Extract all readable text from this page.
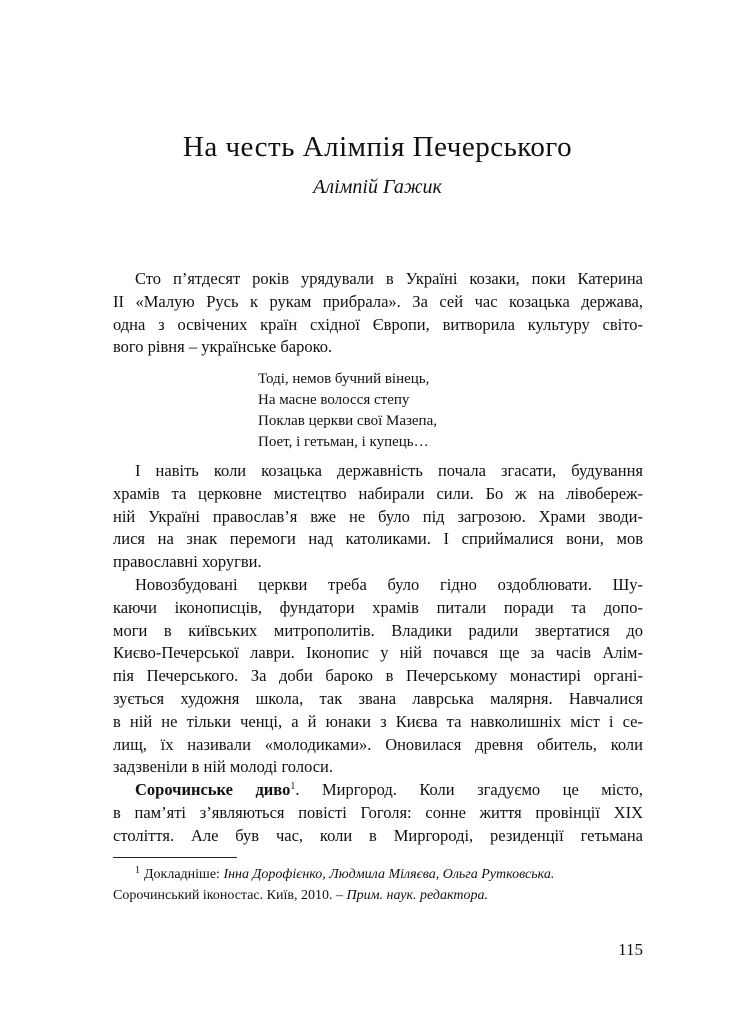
На честь Алімпія Печерського
Алімпій Гажик
Сто п’ятдесят років урядували в Україні козаки, поки Катерина
II «Малую Русь к рукам прибрала». За сей час козацька держава,
одна з освічених країн східної Європи, витворила культуру світо-
вого рівня – українське бароко.
Тоді, немов бучний вінець,
На масне волосся степу
Поклав церкви свої Мазепа,
Поет, і гетьман, і купець…
І навіть коли козацька державність почала згасати, будування
храмів та церковне мистецтво набирали сили. Бо ж на лівобереж-
ній Україні православ’я вже не було під загрозою. Храми зводи-
лися на знак перемоги над католиками. І сприймалися вони, мов
православні хоругви.
Новозбудовані церкви треба було гідно оздоблювати. Шу-
каючи іконописців, фундатори храмів питали поради та допо-
моги в київських митрополитів. Владики радили звертатися до
Києво-Печерської лаври. Іконопис у ній почався ще за часів Алім-
пія Печерського. За доби бароко в Печерському монастирі органі-
зується художня школа, так звана лаврська малярня. Навчалися
в ній не тільки ченці, а й юнаки з Києва та навколишніх міст і се-
лищ, їх називали «молодиками». Оновилася древня обитель, коли
задзвеніли в ній молоді голоси.
Сорочинське диво$^1$. Миргород. Коли згадуємо це місто,
в пам’яті з’являються повісті Гоголя: сонне життя провінції XIX
століття. Але був час, коли в Миргороді, резиденції гетьмана
$^1$ Докладніше: Інна Дорофієнко, Людмила Міляєва, Ольга Рутковська.
Сорочинський іконостас. Київ, 2010. – Прим. наук. редактора.
115
